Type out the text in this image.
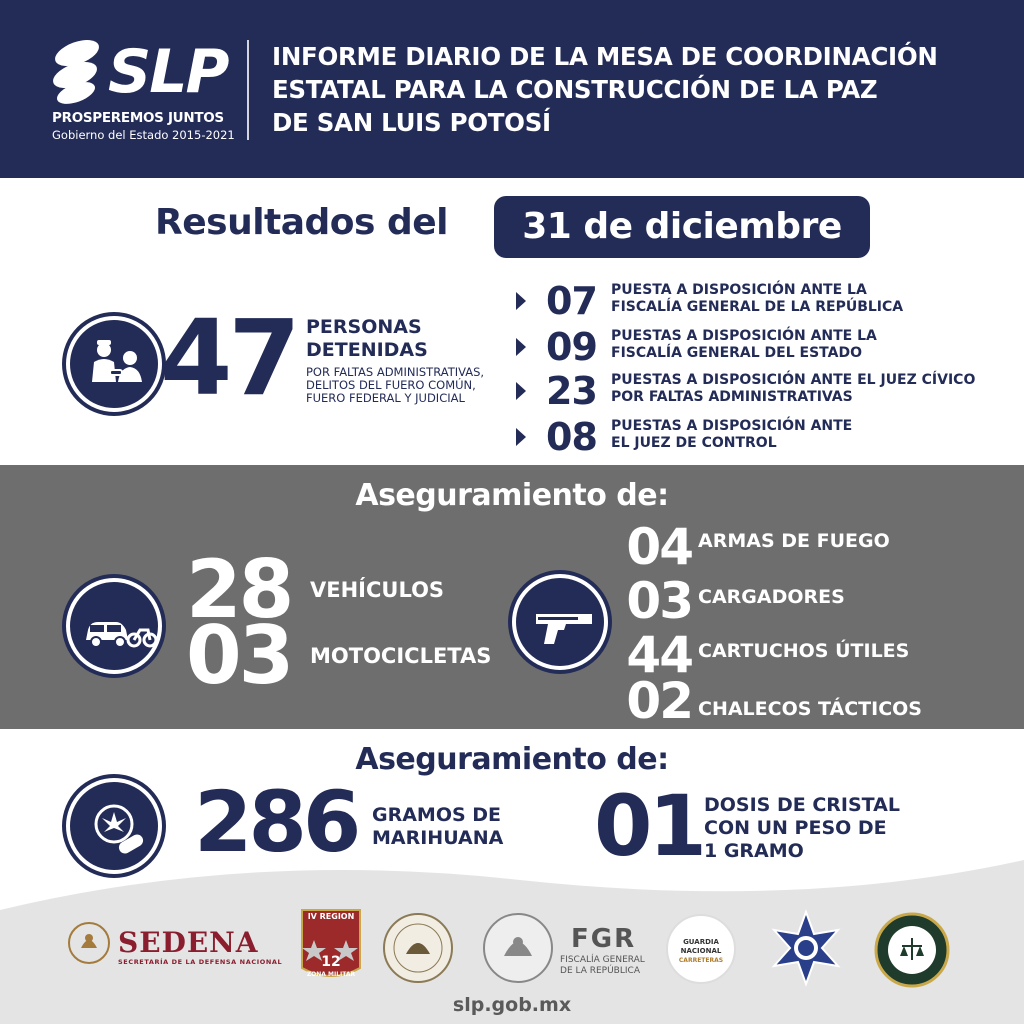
SLP
PROSPEREMOS JUNTOS
Gobierno del Estado 2015-2021
INFORME DIARIO DE LA MESA DE COORDINACIÓN
ESTATAL PARA LA CONSTRUCCIÓN DE LA PAZ
DE SAN LUIS POTOSÍ
Resultados del	31 de diciembre
47 PERSONAS
DETENIDAS
POR FALTAS ADMINISTRATIVAS,
DELITOS DEL FUERO COMÚN,
FUERO FEDERAL Y JUDICIAL
07 PUESTA A DISPOSICIÓN ANTE LA
FISCALÍA GENERAL DE LA REPÚBLICA
09 PUESTAS A DISPOSICIÓN ANTE LA
FISCALÍA GENERAL DEL ESTADO
23 PUESTAS A DISPOSICIÓN ANTE EL JUEZ CÍVICO
POR FALTAS ADMINISTRATIVAS
08 PUESTAS A DISPOSICIÓN ANTE
EL JUEZ DE CONTROL
Aseguramiento de:
28 VEHÍCULOS
03 MOTOCICLETAS
04 ARMAS DE FUEGO
03 CARGADORES
44 CARTUCHOS ÚTILES
02 CHALECOS TÁCTICOS
Aseguramiento de:
286 GRAMOS DE
MARIHUANA 01 DOSIS DE CRISTAL
CON UN PESO DE
1 GRAMO
SEDENA
SECRETARÍA DE LA DEFENSA NACIONAL
IV REGION
12
ZONA MILITAR
FGR
FISCALÍA GENERAL
DE LA REPÚBLICA
GUARDIA
NACIONAL
CARRETERAS
slp.gob.mx
